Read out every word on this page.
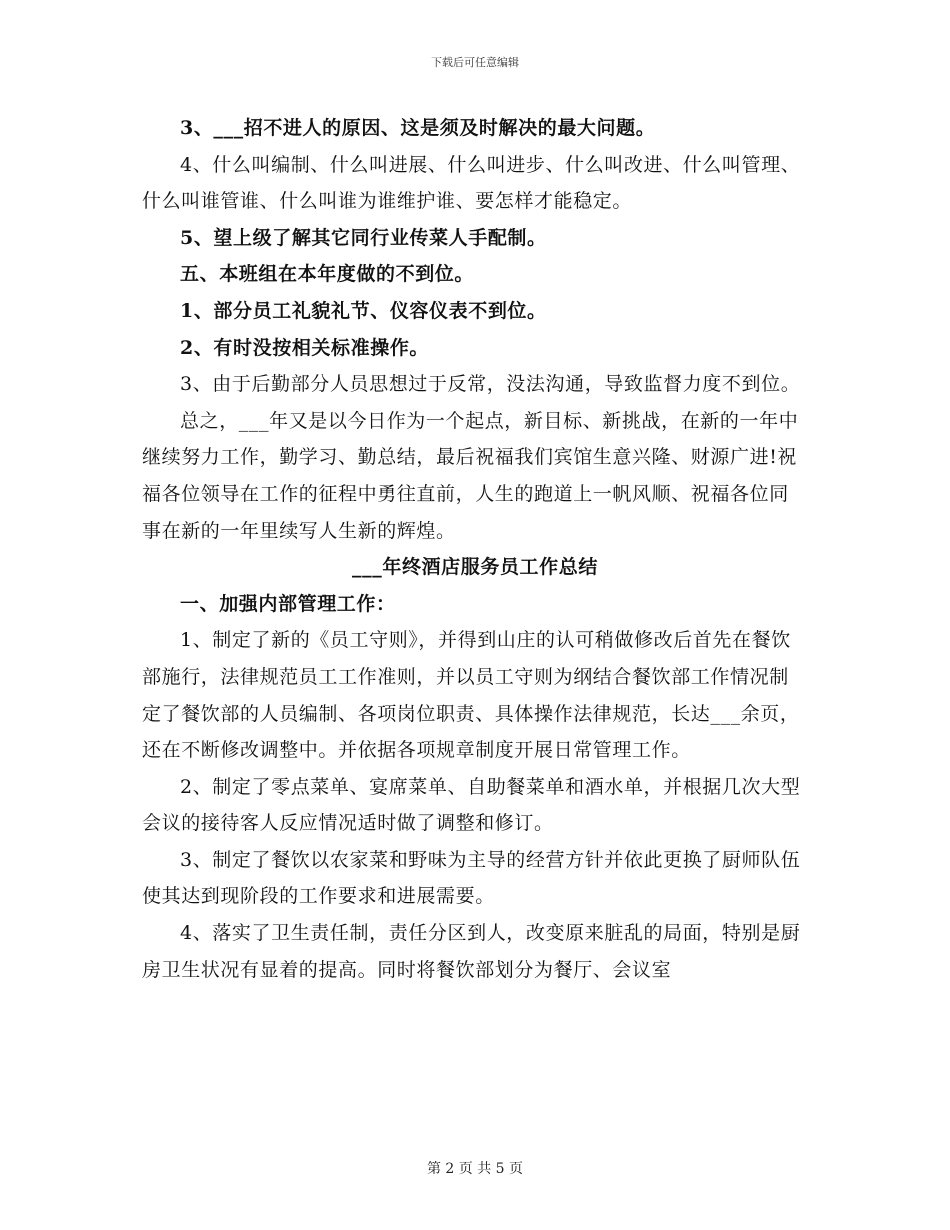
下载后可任意编辑

3、___招不进人的原因、这是须及时解决的最大问题。

4、什么叫编制、什么叫进展、什么叫进步、什么叫改进、什么叫管理、什么叫谁管谁、什么叫谁为谁维护谁、要怎样才能稳定。

5、望上级了解其它同行业传菜人手配制。

五、本班组在本年度做的不到位。

1、部分员工礼貌礼节、仪容仪表不到位。

2、有时没按相关标准操作。

3、由于后勤部分人员思想过于反常，没法沟通，导致监督力度不到位。

总之，___年又是以今日作为一个起点，新目标、新挑战，在新的一年中继续努力工作，勤学习、勤总结，最后祝福我们宾馆生意兴隆、财源广进!祝福各位领导在工作的征程中勇往直前，人生的跑道上一帆风顺、祝福各位同事在新的一年里续写人生新的辉煌。

___年终酒店服务员工作总结

一、加强内部管理工作：

1、制定了新的《员工守则》，并得到山庄的认可稍做修改后首先在餐饮部施行，法律规范员工工作准则，并以员工守则为纲结合餐饮部工作情况制定了餐饮部的人员编制、各项岗位职责、具体操作法律规范，长达___余页，还在不断修改调整中。并依据各项规章制度开展日常管理工作。

2、制定了零点菜单、宴席菜单、自助餐菜单和酒水单，并根据几次大型会议的接待客人反应情况适时做了调整和修订。

3、制定了餐饮以农家菜和野味为主导的经营方针并依此更换了厨师队伍使其达到现阶段的工作要求和进展需要。

4、落实了卫生责任制，责任分区到人，改变原来脏乱的局面，特别是厨房卫生状况有显着的提高。同时将餐饮部划分为餐厅、会议室

第 2 页 共 5 页
